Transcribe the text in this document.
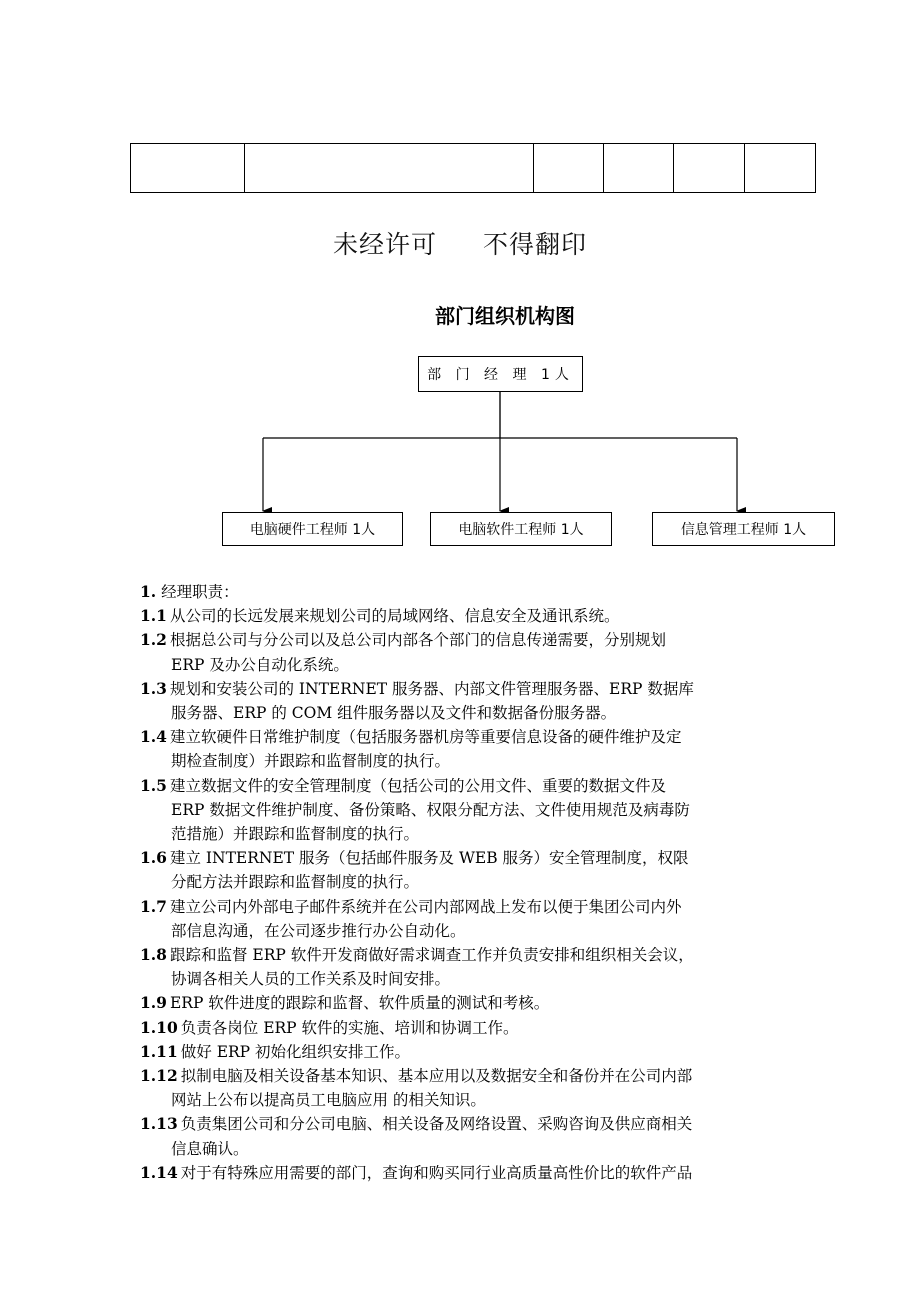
未经许可 不得翻印
部门组织机构图
部 门 经 理 1人
电脑硬件工程师 1人	电脑软件工程师 1人	信息管理工程师 1人

1. 经理职责：

1.1 从公司的长远发展来规划公司的局域网络、信息安全及通讯系统。

1.2 根据总公司与分公司以及总公司内部各个部门的信息传递需要，分别规划
ERP 及办公自动化系统。

1.3 规划和安装公司的 INTERNET 服务器、内部文件管理服务器、ERP 数据库
服务器、ERP 的 COM 组件服务器以及文件和数据备份服务器。

1.4 建立软硬件日常维护制度（包括服务器机房等重要信息设备的硬件维护及定
期检查制度）并跟踪和监督制度的执行。

1.5 建立数据文件的安全管理制度（包括公司的公用文件、重要的数据文件及
ERP 数据文件维护制度、备份策略、权限分配方法、文件使用规范及病毒防
范措施）并跟踪和监督制度的执行。

1.6 建立 INTERNET 服务（包括邮件服务及 WEB 服务）安全管理制度，权限
分配方法并跟踪和监督制度的执行。

1.7 建立公司内外部电子邮件系统并在公司内部网战上发布以便于集团公司内外
部信息沟通，在公司逐步推行办公自动化。

1.8 跟踪和监督 ERP 软件开发商做好需求调查工作并负责安排和组织相关会议，
协调各相关人员的工作关系及时间安排。

1.9 ERP 软件进度的跟踪和监督、软件质量的测试和考核。

1.10 负责各岗位 ERP 软件的实施、培训和协调工作。

1.11 做好 ERP 初始化组织安排工作。

1.12 拟制电脑及相关设备基本知识、基本应用以及数据安全和备份并在公司内部
网站上公布以提高员工电脑应用 的相关知识。

1.13 负责集团公司和分公司电脑、相关设备及网络设置、采购咨询及供应商相关
信息确认。

1.14 对于有特殊应用需要的部门，查询和购买同行业高质量高性价比的软件产品
